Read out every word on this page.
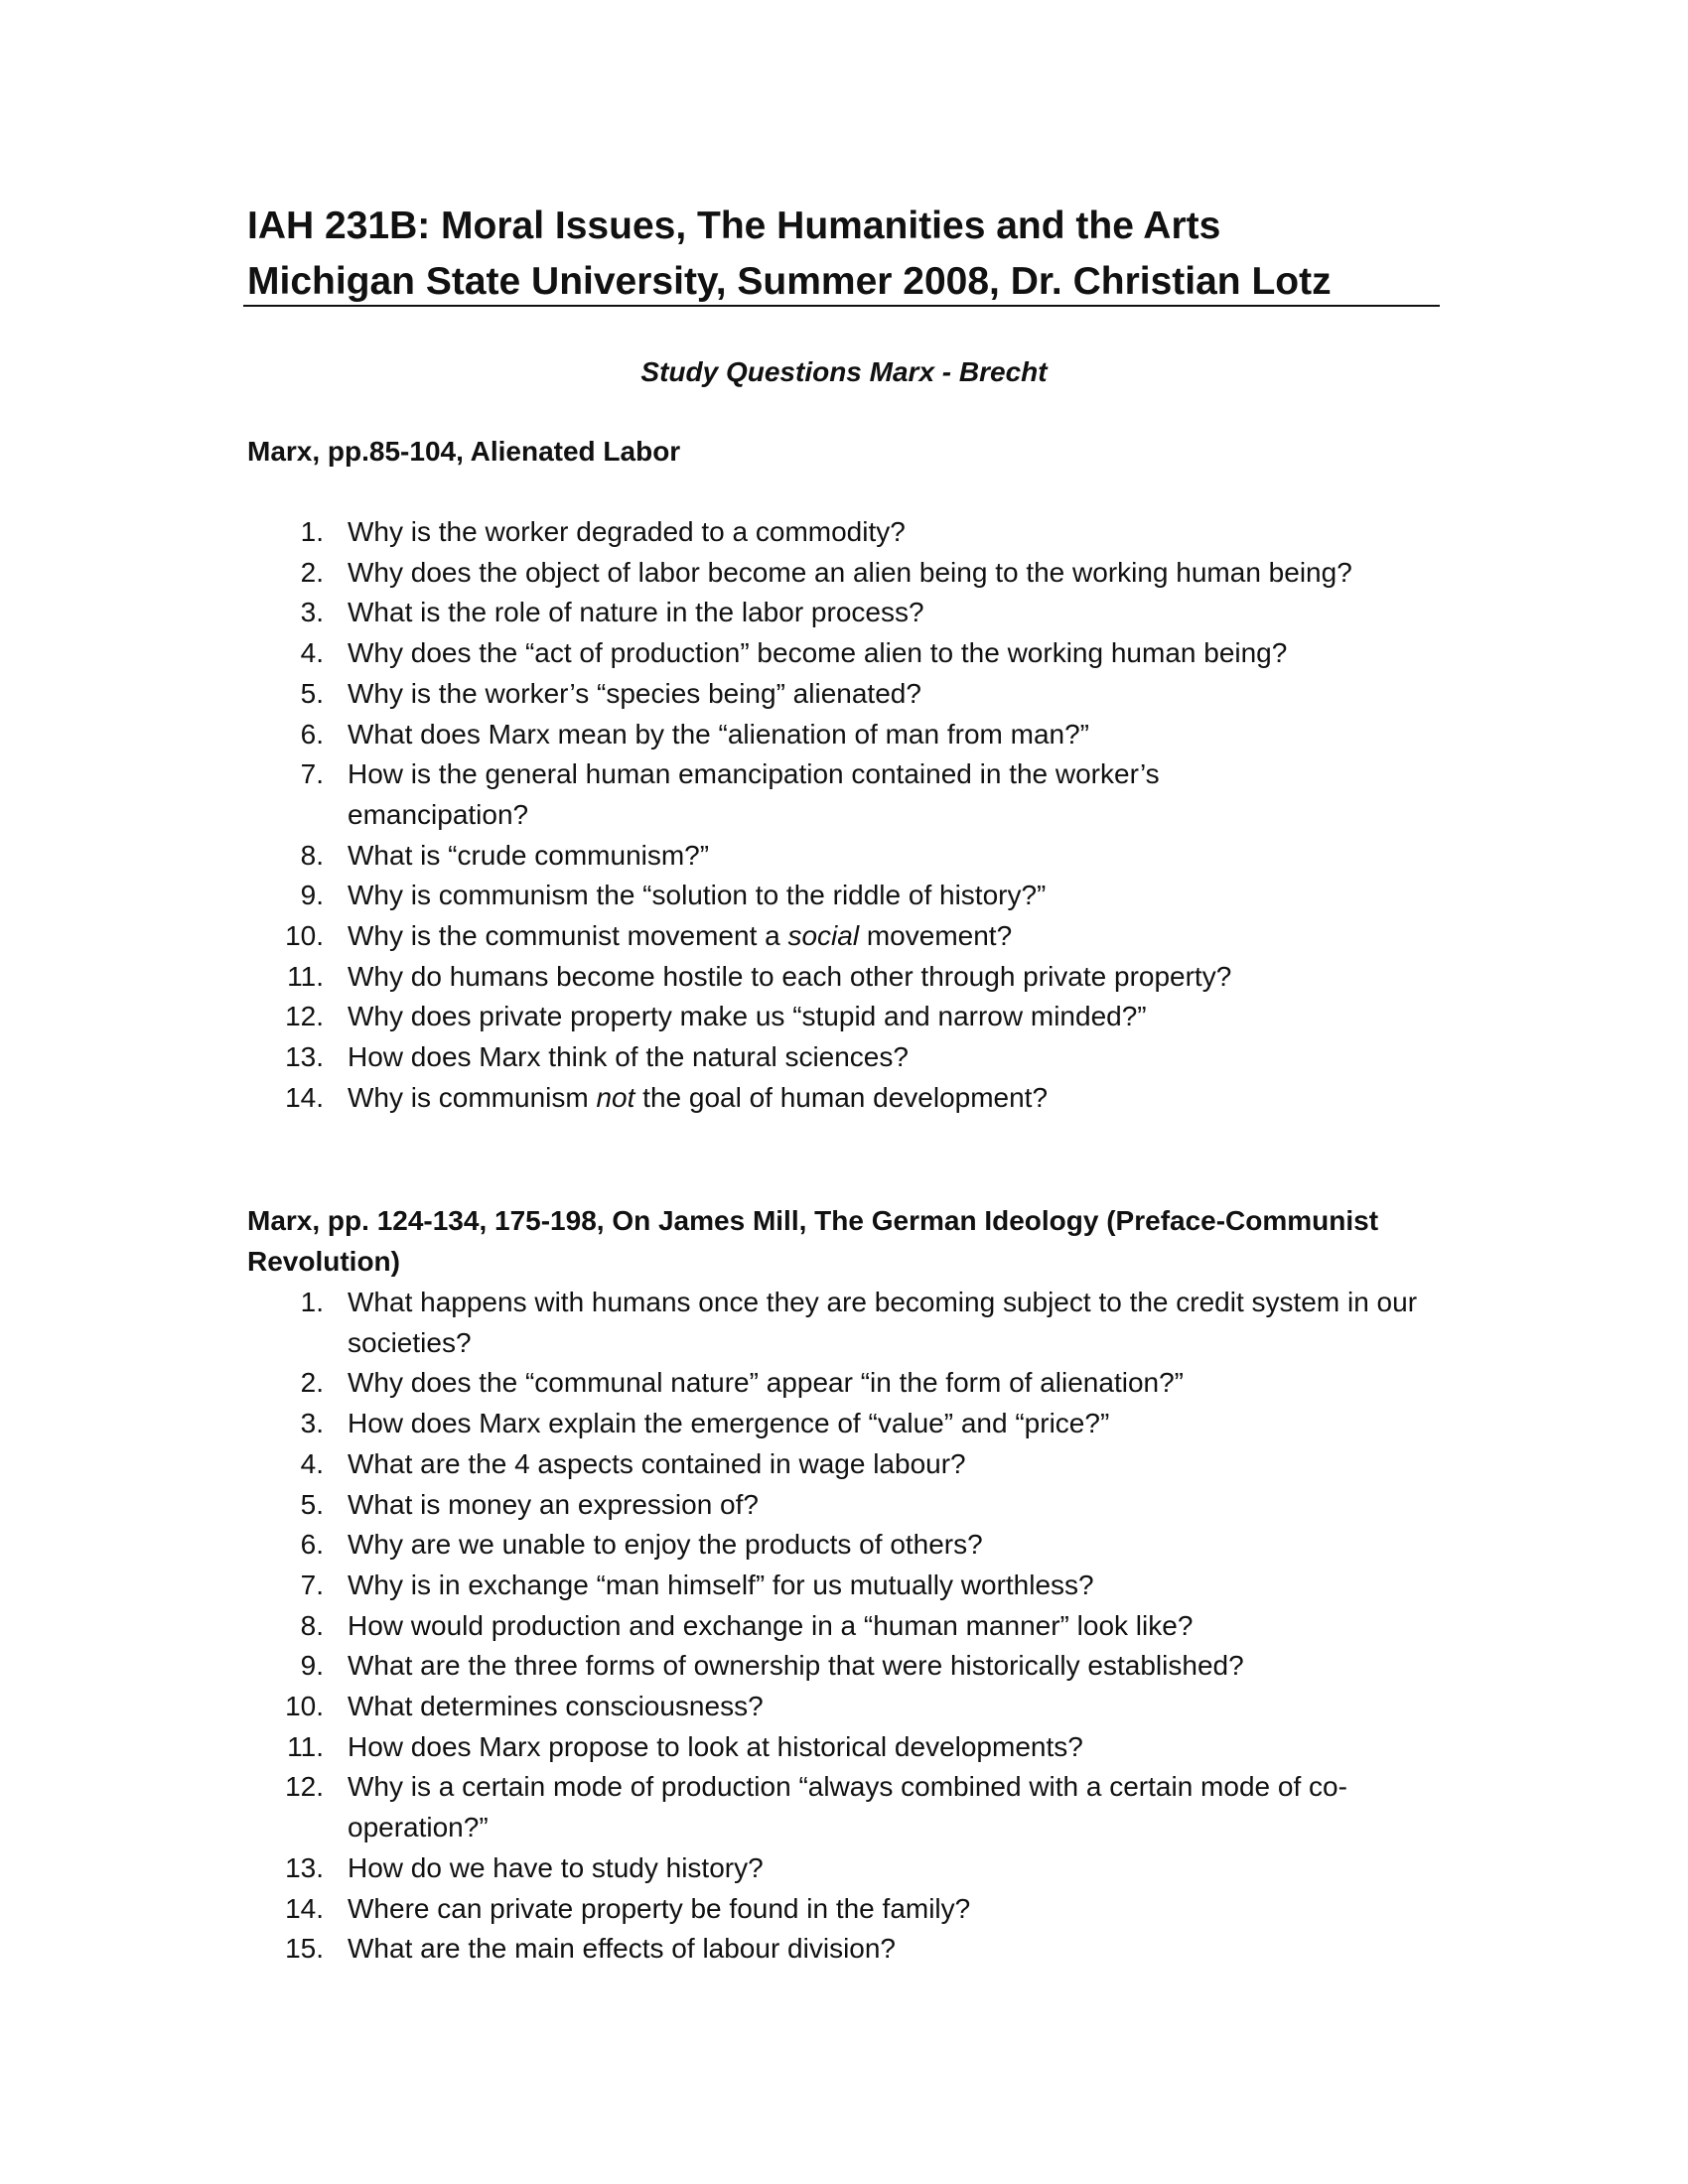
IAH 231B: Moral Issues, The Humanities and the Arts
Michigan State University, Summer 2008, Dr. Christian Lotz
Study Questions Marx - Brecht
Marx, pp.85-104, Alienated Labor
1. Why is the worker degraded to a commodity?
2. Why does the object of labor become an alien being to the working human being?
3. What is the role of nature in the labor process?
4. Why does the “act of production” become alien to the working human being?
5. Why is the worker’s “species being” alienated?
6. What does Marx mean by the “alienation of man from man?”
7. How is the general human emancipation contained in the worker’s emancipation?
8. What is “crude communism?”
9. Why is communism the “solution to the riddle of history?”
10. Why is the communist movement a social movement?
11. Why do humans become hostile to each other through private property?
12. Why does private property make us “stupid and narrow minded?”
13. How does Marx think of the natural sciences?
14. Why is communism not the goal of human development?
Marx, pp. 124-134, 175-198, On James Mill, The German Ideology (Preface-Communist Revolution)
1. What happens with humans once they are becoming subject to the credit system in our societies?
2. Why does the “communal nature” appear “in the form of alienation?”
3. How does Marx explain the emergence of “value” and “price?”
4. What are the 4 aspects contained in wage labour?
5. What is money an expression of?
6. Why are we unable to enjoy the products of others?
7. Why is in exchange “man himself” for us mutually worthless?
8. How would production and exchange in a “human manner” look like?
9. What are the three forms of ownership that were historically established?
10. What determines consciousness?
11. How does Marx propose to look at historical developments?
12. Why is a certain mode of production “always combined with a certain mode of co-operation?”
13. How do we have to study history?
14. Where can private property be found in the family?
15. What are the main effects of labour division?
